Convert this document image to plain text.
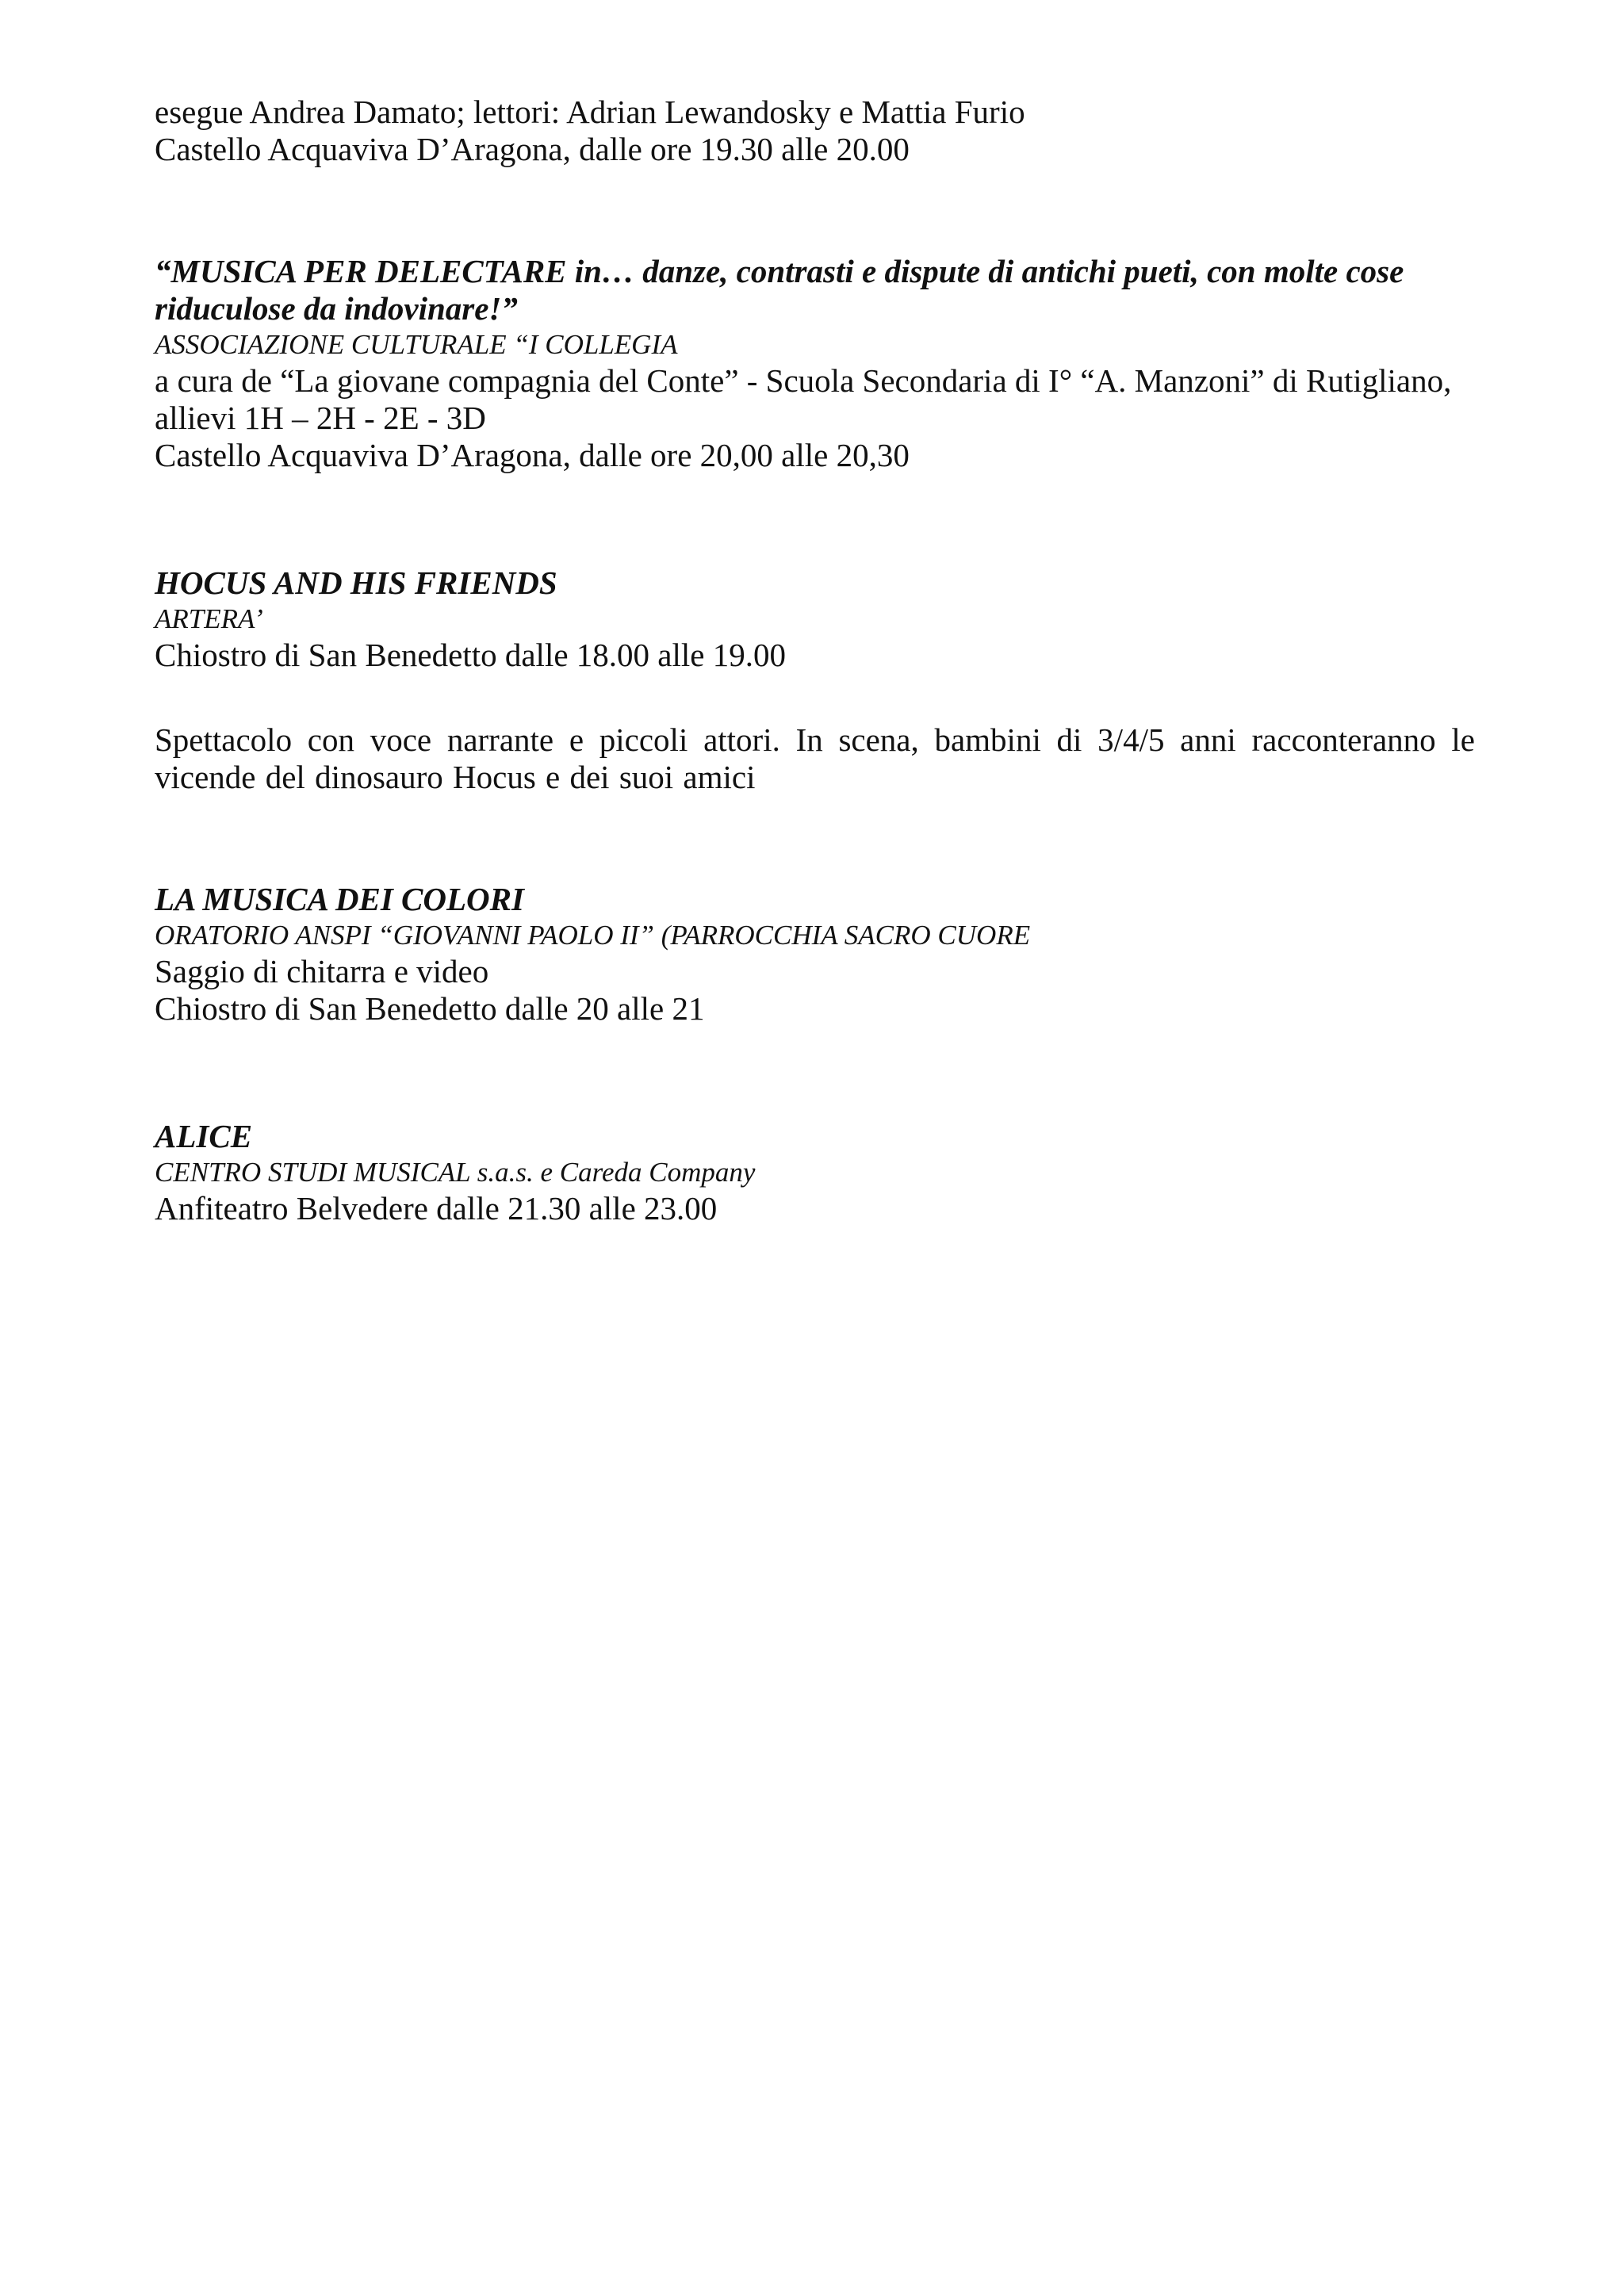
esegue Andrea Damato; lettori: Adrian Lewandosky e Mattia Furio
Castello Acquaviva D’Aragona, dalle ore 19.30 alle 20.00
“MUSICA PER DELECTARE in… danze, contrasti e dispute di antichi pueti, con molte cose riduculose da indovinare!”
ASSOCIAZIONE CULTURALE “I COLLEGIA
a cura de “La giovane compagnia del Conte” - Scuola Secondaria di I° “A. Manzoni” di Rutigliano,
allievi 1H – 2H - 2E - 3D
Castello Acquaviva D’Aragona, dalle ore 20,00 alle 20,30
HOCUS AND HIS FRIENDS
ARTERA’
Chiostro di San Benedetto dalle 18.00 alle 19.00
Spettacolo con voce narrante e piccoli attori. In scena, bambini di 3/4/5 anni racconteranno le vicende del dinosauro Hocus e dei suoi amici
LA MUSICA DEI COLORI
ORATORIO ANSPI “GIOVANNI PAOLO II” (PARROCCHIA SACRO CUORE
Saggio di chitarra e video
Chiostro di San Benedetto dalle 20 alle 21
ALICE
CENTRO STUDI MUSICAL s.a.s. e Careda Company
Anfiteatro Belvedere dalle 21.30 alle 23.00
